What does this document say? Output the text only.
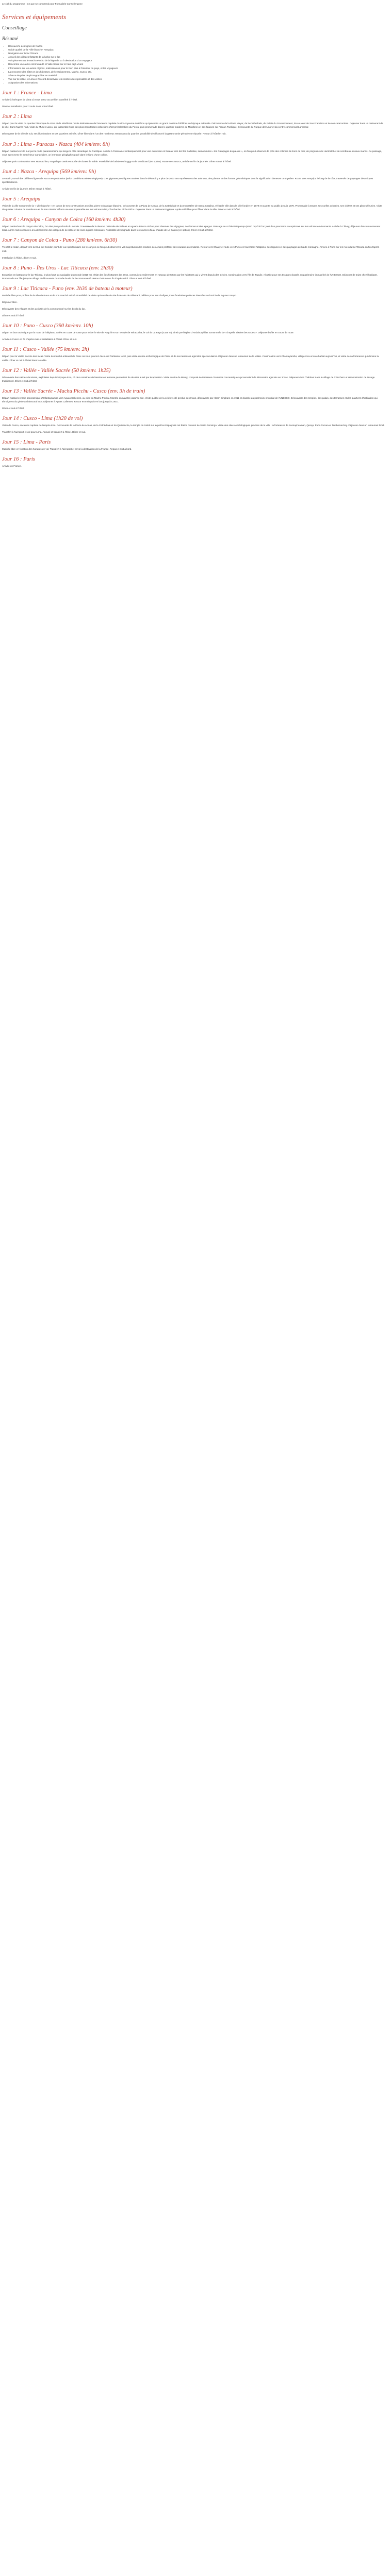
Le ciel du programme : Ce que se comprend pour Formalités Conseilengnee

Services et équipements
Conseillage
Résumé
• Découverte des lignes de Nazca
• Guide qualité de la "ville blanche" Arequipa
• Navigation sur le lac Titicaca
• Accueil des villages flottants de la lucha sur le lac
• Vols piste en 4x4 le Machu Picchu de la légende ou à destination d'un voyageur
• Rencontre une autre communauté et Valle Sacré sur le haut déjà vivant
• Informations sur les autres régions, intéressantes pour le bien plus à l'intérieur du pays, et les voyageurs
• La rencontre des hôtes et des hôtesses, de l'enseignement, Machu, Cusco, etc.
• Séance de prise de photographies en matériel
• Vue sur la vallée, le Lima et l'accord desservant les nombreuses spécialités et des visites
• Adaptation des informations
Jour 1 : France - Lima

Arrivée à l'aéroport de Lima où vous serez accueilli et transféré à l'hôtel.

Diner et installation pour 2 nuits dans votre hôtel.

Jour 2 : Lima

Départ pour la visite du quartier historique de Lima et de Miraflores. Visite intéressante de l'ancienne capitale du vice-royaume du Pérou qui présente un grand nombre d'édifices de l'époque coloniale. Découverte de la Plaza Mayor, de la Cathédrale, du Palais du Gouvernement, du couvent de San Francisco et de ses catacombes. Déjeuner dans un restaurant de la ville. Dans l'après-midi, visite du Musée Larco, qui rassemble l'une des plus importantes collections d'art précolombien du Pérou, puis promenade dans le quartier moderne de Miraflores et ses falaises sur l'océan Pacifique. Découverte du Parque del Amor et du centre commercial Larcomar.

Découverte de la ville de nuit, ses illuminations et ses quartiers animés. Dîner libre dans l'un des nombreux restaurants du quartier, possibilité de découvrir la gastronomie péruvienne réputée. Retour à l'hôtel et nuit.

Jour 3 : Lima - Paracas - Nazca (404 km/env. 8h)

Départ matinal vers le sud par la route panaméricaine qui longe la côte désertique du Pacifique. Arrivée à Paracas et embarquement pour une excursion en bateau vers les îles Ballestas, surnommées « les Galapagos du pauvre », où l'on peut observer de près des colonies de lions de mer, de pingouins de Humboldt et de nombreux oiseaux marins. Au passage, vous apercevrez le mystérieux Candélabre, un immense géoglyphe gravé dans le flanc d'une colline.

Déjeuner puis continuation vers Huacachina, magnifique oasis entourée de dunes de sable. Possibilité de balade en buggy et de sandboard (en option). Route vers Nazca, arrivée en fin de journée. Dîner et nuit à l'hôtel.

Jour 4 : Nazca - Arequipa (569 km/env. 9h)

Le matin, survol des célèbres lignes de Nazca en petit avion (selon conditions météorologiques). Ces gigantesques figures tracées dans le désert il y a plus de 2000 ans représentent des animaux, des plantes et des formes géométriques dont la signification demeure un mystère. Route vers Arequipa le long de la côte, traversée de paysages désertiques spectaculaires.

Arrivée en fin de journée. Dîner et nuit à l'hôtel.

Jour 5 : Arequipa

Visite de la ville surnommée la « ville blanche » en raison de ses constructions en sillar, pierre volcanique blanche. Découverte de la Plaza de Armas, de la Cathédrale et du monastère de Santa Catalina, véritable ville dans la ville fondée en 1579 et ouverte au public depuis 1970. Promenade à travers ses ruelles colorées, ses cloîtres et ses places fleuries. Visite du quartier colonial de Yanahuara et de son mirador offrant une vue imprenable sur les volcans Misti, Chachani et Pichu Pichu. Déjeuner dans un restaurant typique. Après-midi libre pour flâner dans la ville. Dîner et nuit à l'hôtel.

Jour 6 : Arequipa - Canyon de Colca (160 km/env. 4h30)

Départ matinal vers le canyon de Colca, l'un des plus profonds du monde. Traversée de la réserve nationale de Salinas et Aguada Blanca où l'on peut observer des vigognes, des lamas et des alpagas. Passage au col de Patapampa (4910 m) d'où l'on jouit d'un panorama exceptionnel sur les volcans environnants. Arrivée à Chivay, déjeuner dans un restaurant local. Après-midi consacrée à la découverte des villages de la vallée et de leurs églises coloniales. Possibilité de baignade dans les sources d'eau chaude de La Calera (en option). Dîner et nuit à l'hôtel.

Jour 7 : Canyon de Colca - Puno (280 km/env. 6h30)

Très tôt le matin, départ vers la Cruz del Condor, point de vue spectaculaire sur le canyon où l'on peut observer le vol majestueux des condors des Andes profitant des courants ascendants. Retour vers Chivay et route vers Puno en traversant l'altiplano, ses lagunes et ses paysages de haute montagne. Arrivée à Puno sur les rives du lac Titicaca en fin d'après-midi.

Installation à l'hôtel, dîner et nuit.

Jour 8 : Puno - Îles Uros - Lac Titicaca (env. 2h30)

Excursion en bateau sur le lac Titicaca, le plus haut lac navigable du monde (3810 m). Visite des îles flottantes des Uros, construites entièrement en roseaux de totora par les habitants qui y vivent depuis des siècles. Continuation vers l'île de Taquile, réputée pour ses tissages classés au patrimoine immatériel de l'UNESCO. Déjeuner de truite chez l'habitant. Promenade sur l'île jusqu'au village et découverte du mode de vie de la communauté. Retour à Puno en fin d'après-midi. Dîner et nuit à l'hôtel.

Jour 9 : Lac Titicaca - Puno (env. 2h30 de bateau à moteur)

Matinée libre pour profiter de la ville de Puno et de son marché animé. Possibilité de visite optionnelle du site funéraire de Sillustani, célèbre pour ses chullpas, tours funéraires préincas dressées au bord de la lagune Umayo.

Déjeuner libre.

Découverte des villages et des activités de la communauté sur les bords du lac.

Dîner et nuit à l'hôtel.

Jour 10 : Puno - Cusco (390 km/env. 10h)

Départ en bus touristique par la route de l'altiplano. Arrêts en cours de route pour visiter le site de Raqchi et son temple de Wiracocha, le col de La Raya (4335 m), ainsi que l'église d'Andahuaylillas surnommée la « chapelle Sixtine des Andes ». Déjeuner buffet en cours de route.

Arrivée à Cusco en fin d'après-midi et installation à l'hôtel. Dîner et nuit.

Jour 11 : Cusco - Vallée (75 km/env. 2h)

Départ pour la Vallée Sacrée des Incas. Visite du marché artisanal de Pisac où vous pourrez découvrir l'artisanat local, puis visite du site archéologique de Pisac et de ses terrasses agricoles spectaculaires. Déjeuner dans un restaurant de la vallée. Continuation vers Ollantaytambo, village inca encore habité aujourd'hui, et visite de sa forteresse qui domine la vallée. Dîner et nuit à l'hôtel dans la vallée.

Jour 12 : Vallée - Vallée Sacrée (50 km/env. 1h25)

Découverte des salines de Maras, exploitées depuis l'époque inca, où des centaines de bassins en terrasse permettent de récolter le sel par évaporation. Visite du site de Moray, composé de terrasses circulaires concentriques qui servaient de laboratoire agricole aux Incas. Déjeuner chez l'habitant dans le village de Chinchero et démonstration de tissage traditionnel. Dîner et nuit à l'hôtel.

Jour 13 : Vallée Sacrée - Machu Picchu - Cusco (env. 3h de train)

Départ matinal en train panoramique d'Ollantaytambo vers Aguas Calientes, au pied du Machu Picchu. Montée en navette jusqu'au site. Visite guidée de la célèbre cité perdue des Incas, découverte par Hiram Bingham en 1911 et classée au patrimoine mondial de l'UNESCO. Découverte des temples, des palais, des terrasses et des quartiers d'habitation qui témoignent du génie architectural inca. Déjeuner à Aguas Calientes. Retour en train puis en bus jusqu'à Cusco.

Dîner et nuit à l'hôtel.

Jour 14 : Cusco - Lima (1h20 de vol)

Visite de Cusco, ancienne capitale de l'empire inca. Découverte de la Plaza de Armas, de la Cathédrale et du Qorikancha, le temple du Soleil sur lequel les Espagnols ont bâti le couvent de Santo Domingo. Visite des sites archéologiques proches de la ville : la forteresse de Sacsayhuaman, Qenqo, Puca Pucara et Tambomachay. Déjeuner dans un restaurant local.

Transfert à l'aéroport et vol pour Lima. Accueil et transfert à l'hôtel. Dîner et nuit.

Jour 15 : Lima - Paris

Matinée libre en fonction des horaires de vol. Transfert à l'aéroport et envol à destination de la France. Repas et nuit à bord.

Jour 16 : Paris

Arrivée en France.
